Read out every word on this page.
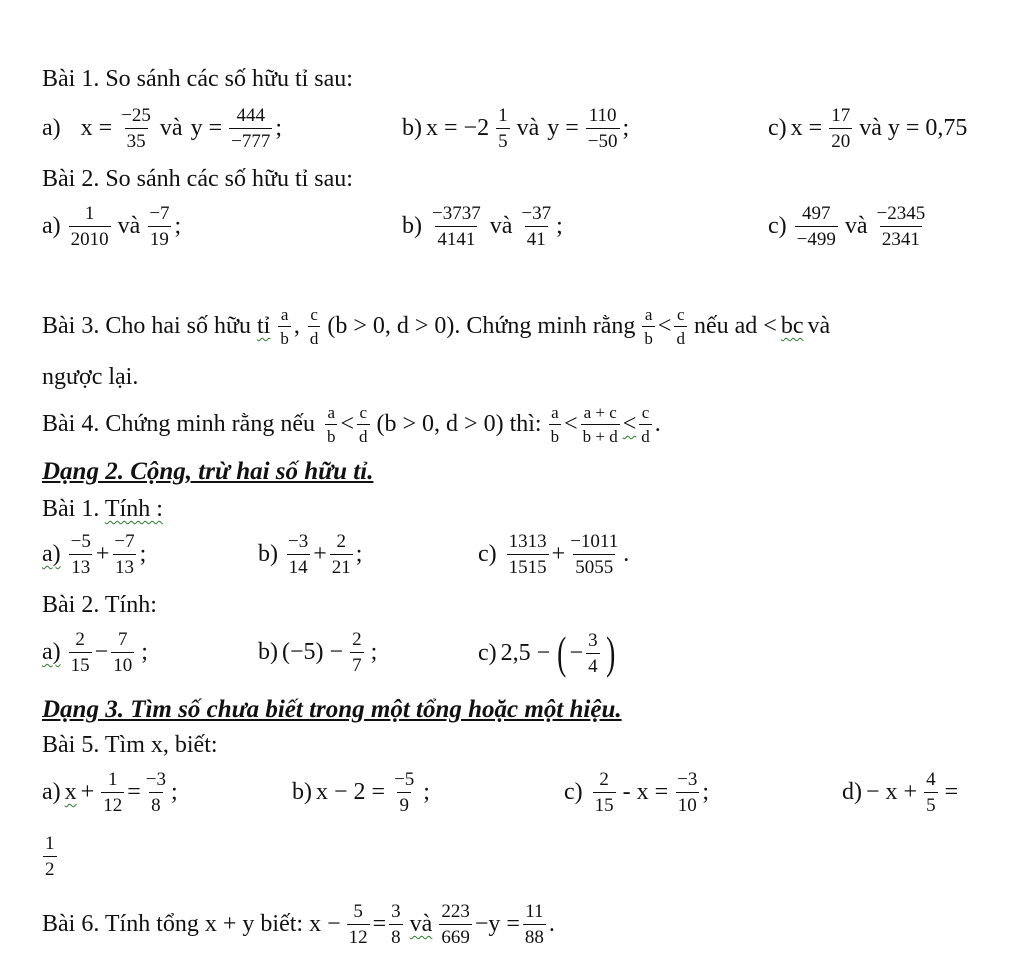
Bài 1. So sánh các số hữu tỉ sau:
a) $x = \frac{-25}{35}$ và $y = \frac{444}{-777}$ ;	b) $x = -2 \frac{1}{5}$ và $y = \frac{110}{-50}$ ;	c) $x = \frac{17}{20}$ và y = 0,75
Bài 2. So sánh các số hữu tỉ sau:
$a) \frac{1}{2010}$ và $\frac{-7}{19}$ ;	$b) \frac{-3737}{4141}$ và $\frac{-37}{41}$ ;	$c) \frac{497}{-499}$ và $\frac{-2345}{2341}$
Bài 3. Cho hai số hữu tỉ $\frac{a}{b}$ , $\frac{c}{d} (b > 0$, d > 0). Chứng minh rằng $\frac{a}{b} < \frac{c}{d}$ nếu ad < bc và
ngược lại.
Bài 4. Chứng minh rằng nếu $\frac{a}{b} < \frac{c}{d} (b > 0$, d > 0) thì: $\frac{a}{b} < \frac{a + c}{b + d} < \frac{c}{d}$ .
Dạng 2. Cộng, trừ hai số hữu tỉ.
Bài 1. Tính :
$a) \frac{-5}{13} + \frac{-7}{13}$ ;	$b) \frac{-3}{14} + \frac{2}{21}$ ;	$c) \frac{1313}{1515} + \frac{-1011}{5055}$ .
Bài 2. Tính:
$a) \frac{2}{15} - \frac{7}{10}$ ;	b) $(-5) - \frac{2}{7}$ ;	c) 2,5 − ( − $\frac{3}{4}$ )
Dạng 3. Tìm số chưa biết trong một tổng hoặc một hiệu.
Bài 5. Tìm x, biết:
a) $x + \frac{1}{12} = \frac{-3}{8}$ ;	b) $x - 2 = \frac{-5}{9}$ ;	$c) \frac{2}{15} - x = \frac{-3}{10}$ ;	$d) - x + \frac{4}{5}$ =
$\frac{1}{2}$
Bài 6. Tính tổng x + y biết: $x - \frac{5}{12} = \frac{3}{8}$ và $\frac{223}{669} -y = \frac{11}{88}$ .
